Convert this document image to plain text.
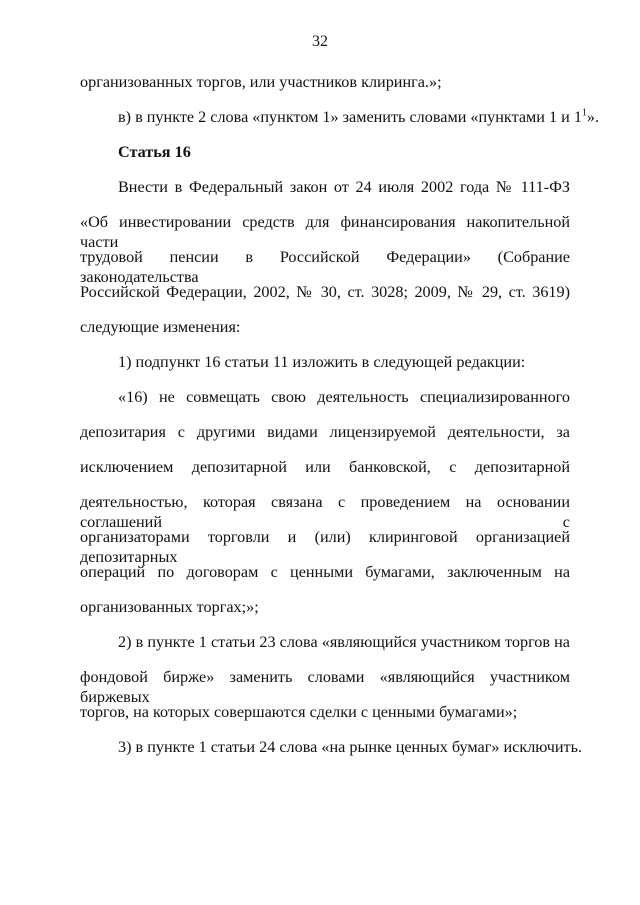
32
организованных торгов, или участников клиринга.»;
в) в пункте 2 слова «пунктом 1» заменить словами «пунктами 1 и $1^1$».
Статья 16
Внести в Федеральный закон от 24 июля 2002 года № 111-ФЗ
«Об инвестировании средств для финансирования накопительной части
трудовой пенсии в Российской Федерации» (Собрание законодательства
Российской Федерации, 2002, № 30, ст. 3028; 2009, № 29, ст. 3619)
следующие изменения:
1) подпункт 16 статьи 11 изложить в следующей редакции:
«16) не совмещать свою деятельность специализированного
депозитария с другими видами лицензируемой деятельности, за
исключением депозитарной или банковской, с депозитарной
деятельностью, которая связана с проведением на основании соглашений с
организаторами торговли и (или) клиринговой организацией депозитарных
операций по договорам с ценными бумагами, заключенным на
организованных торгах;»;
2) в пункте 1 статьи 23 слова «являющийся участником торгов на
фондовой бирже» заменить словами «являющийся участником биржевых
торгов, на которых совершаются сделки с ценными бумагами»;
3) в пункте 1 статьи 24 слова «на рынке ценных бумаг» исключить.
